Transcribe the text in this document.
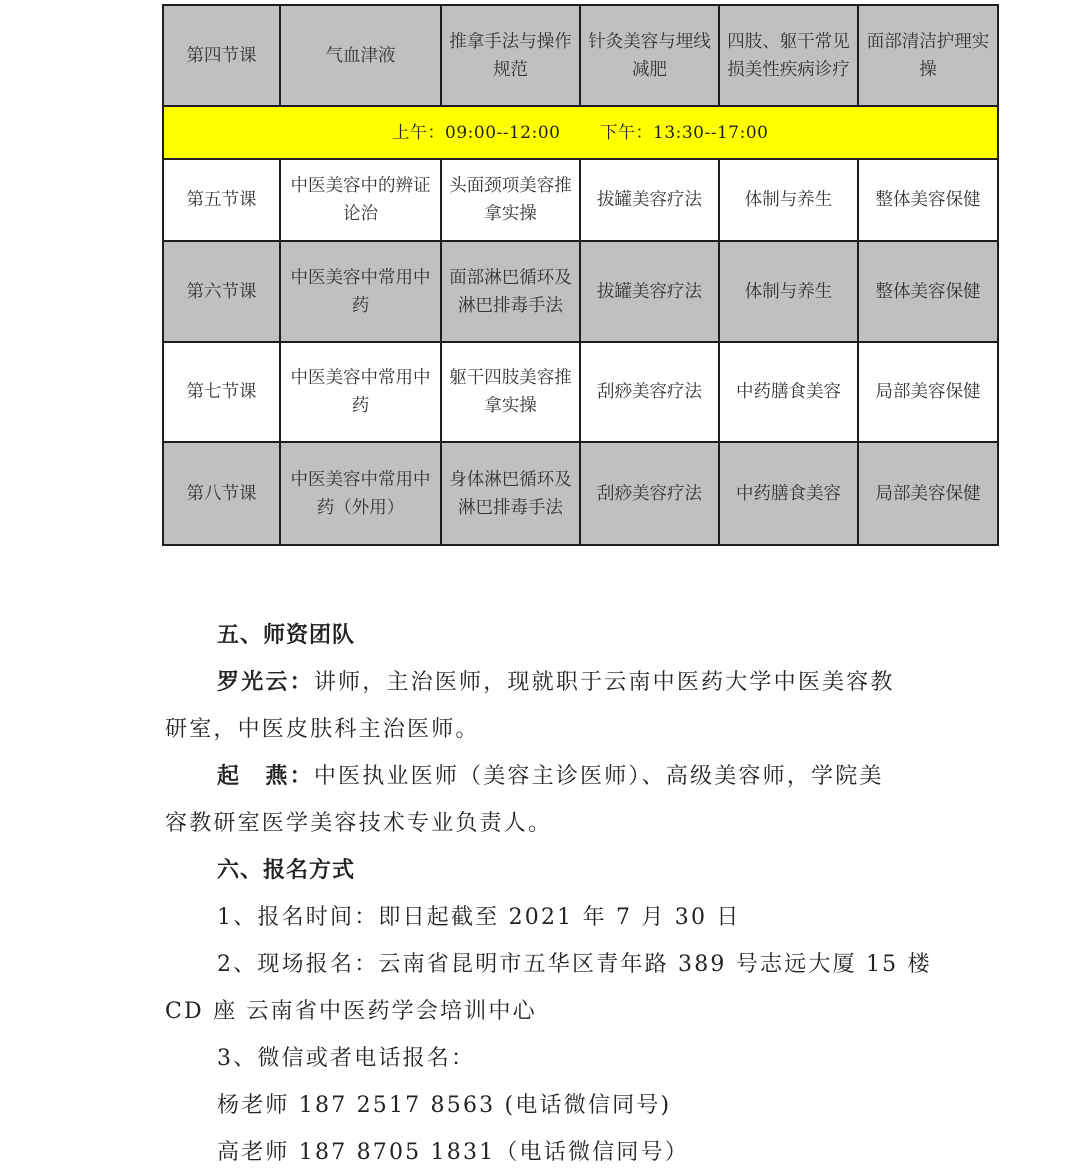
第四节课	气血津液	推拿手法与操作规范	针灸美容与埋线减肥	四肢、躯干常见损美性疾病诊疗	面部清洁护理实操
上午：09:00--12:00 下午：13:30--17:00					
第五节课	中医美容中的辨证论治	头面颈项美容推拿实操	拔罐美容疗法	体制与养生	整体美容保健
第六节课	中医美容中常用中药	面部淋巴循环及淋巴排毒手法	拔罐美容疗法	体制与养生	整体美容保健
第七节课	中医美容中常用中药	躯干四肢美容推拿实操	刮痧美容疗法	中药膳食美容	局部美容保健
第八节课	中医美容中常用中药（外用）	身体淋巴循环及淋巴排毒手法	刮痧美容疗法	中药膳食美容	局部美容保健
五、师资团队
罗光云：讲师，主治医师，现就职于云南中医药大学中医美容教
研室，中医皮肤科主治医师。
起　燕：中医执业医师（美容主诊医师）、高级美容师，学院美
容教研室医学美容技术专业负责人。
六、报名方式
1、报名时间：即日起截至 2021 年 7 月 30 日
2、现场报名：云南省昆明市五华区青年路 389 号志远大厦 15 楼
CD 座 云南省中医药学会培训中心
3、微信或者电话报名：
杨老师 187 2517 8563 (电话微信同号)
高老师 187 8705 1831（电话微信同号）
